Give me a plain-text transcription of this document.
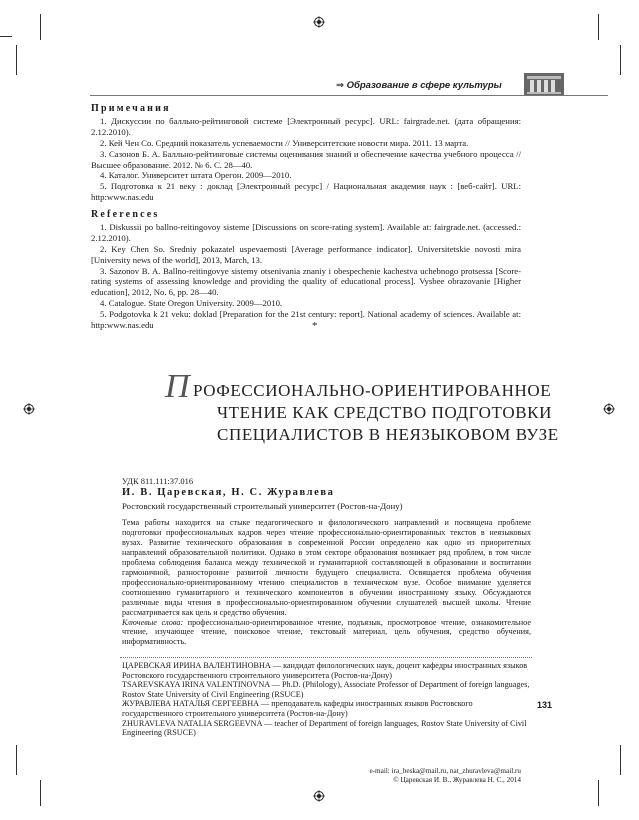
⇒ Образование в сфере культуры
Примечания

1. Дискуссии по балльно-рейтинговой системе [Электронный ресурс]. URL: fairgrade.net. (дата обращения: 2.12.2010).

2. Кей Чен Со. Средний показатель успеваемости // Университетские новости мира. 2011. 13 марта.

3. Сазонов Б. А. Балльно-рейтинговые системы оценивания знаний и обеспечение качества учебного процесса // Высшее образование. 2012. № 6. С. 28—40.

4. Каталог. Университет штата Орегон. 2009—2010.

5. Подготовка к 21 веку : доклад [Электронный ресурс] / Национальная академия наук : [веб-сайт]. URL: http:www.nas.edu

References

1. Diskussii po ballno-reitingovoy sisteme [Discussions on score-rating system]. Available at: fairgrade.net. (accessed.: 2.12.2010).

2. Key Chen So. Sredniy pokazatel uspevaemosti [Average performance indicator]. Universitetskie novosti mira [University news of the world], 2013, March, 13.

3. Sazonov B. A. Ballno-reitingovye sistemy otsenivania znaniy i obespechenie kachestva uchebnogo protsessa [Score-rating systems of assessing knowledge and providing the quality of educational process]. Vysbee obrazovanie [Higher education], 2012, No. 6, pp. 28—40.

4. Catalogue. State Oregon University. 2009—2010.

5. Podgotovka k 21 veku: doklad [Preparation for the 21st century: report]. National academy of sciences. Available at: http:www.nas.edu	*
П РОФЕССИОНАЛЬНО-ОРИЕНТИРОВАННОЕ
ЧТЕНИЕ КАК СРЕДСТВО ПОДГОТОВКИ
СПЕЦИАЛИСТОВ В НЕЯЗЫКОВОМ ВУЗЕ
УДК 811.111:37.016
И. В. Царевская, Н. С. Журавлева
Ростовский государственный строительный университет (Ростов-на-Дону)

Тема работы находится на стыке педагогического и филологического направлений и посвящена проблеме подготовки профессиональных кадров через чтение профессионально-ориентированных текстов в неязыковых вузах. Развитие технического образования в современной России определено как одно из приоритетных направлений образовательной политики. Однако в этом секторе образования возникает ряд проблем, в том числе проблема соблюдения баланса между технической и гуманитарной составляющей в образовании и воспитании гармоничной, разносторонне развитой личности будущего специалиста. Освящается проблема обучения профессионально-ориентированному чтению специалистов в техническом вузе. Особое внимание уделяется соотношению гуманитарного и технического компонентов в обучении иностранному языку. Обсуждаются различные виды чтения в профессионально-ориентированном обучении слушателей высшей школы. Чтение рассматривается как цель и средство обучения.

Ключевые слова: профессионально-ориентированное чтение, подъязык, просмотровое чтение, ознакомительное чтение, изучающее чтение, поисковое чтение, текстовый материал, цель обучения, средство обучения, информативность.

ЦАРЕВСКАЯ ИРИНА ВАЛЕНТИНОВНА — кандидат филологических наук, доцент кафедры иностранных языков Ростовского государственного строительного университета (Ростов-на-Дону)

TSAREVSKAYA IRINA VALENTINOVNA — Ph.D. (Philology), Associate Professor of Department of foreign languages, Rostov State University of Civil Engineering (RSUCE)

ЖУРАВЛЕВА НАТАЛЬЯ СЕРГЕЕВНА — преподаватель кафедры иностранных языков Ростовского государственного строительного университета (Ростов-на-Дону)

ZHURAVLEVA NATALIA SERGEEVNA — teacher of Department of foreign languages, Rostov State University of Civil Engineering (RSUCE)

131
e-mail: ira_beska@mail.ru, nat_zhuravleva@mail.ru
© Царевская И. В., Журавлева Н. С., 2014
